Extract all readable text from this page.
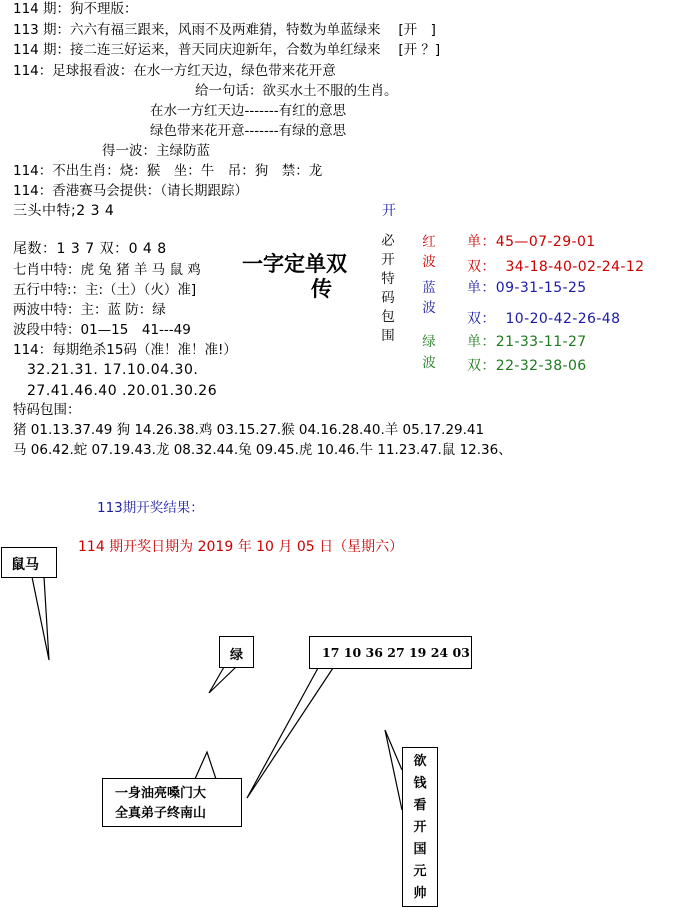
114 期：狗不理版：
113 期：六六有福三跟来，风雨不及两难猜，特数为单蓝绿来　 [开　]
114 期：接二连三好运来，普天同庆迎新年，合数为单红绿来　 [开 ？]
114：足球报看波：在水一方红天边，绿色带来花开意
给一句话：欲买水土不服的生肖。
在水一方红天边-------有红的意思
绿色带来花开意-------有绿的意思
得一波：主绿防蓝
114：不出生肖：烧：猴　坐：牛　吊：狗　禁：龙
114：香港赛马会提供：（请长期跟踪）
三头中特;2 3 4
尾数：1 3 7 双：0 4 8
七肖中特：虎 兔 猪 羊 马 鼠 鸡
五行中特:：主:（土）（火）准]
两波中特：主：蓝 防：绿
波段中特：01—15　41---49
114：每期绝杀15码（准！准！准!）
32.21.31. 17.10.04.30.
27.41.46.40 .20.01.30.26
特码包围：
猪 01.13.37.49 狗 14.26.38.鸡 03.15.27.猴 04.16.28.40.羊 05.17.29.41
马 06.42.蛇 07.19.43.龙 08.32.44.兔 09.45.虎 10.46.牛 11.23.47.鼠 12.36、
一字定单双
传
开
必
开
特
码
包
围
红
波
蓝
波
绿
波
单：45—07-29-01
双：  34-18-40-02-24-12
单：09-31-15-25
双：  10-20-42-26-48
单：21-33-11-27
双：22-32-38-06
113期开奖结果：
114 期开奖日期为 2019 年 10 月 05 日（星期六）
鼠马
绿	17 10 36 27 19 24 03
一身油亮嗓门大
全真弟子终南山
欲
钱
看
开
国
元
帅
